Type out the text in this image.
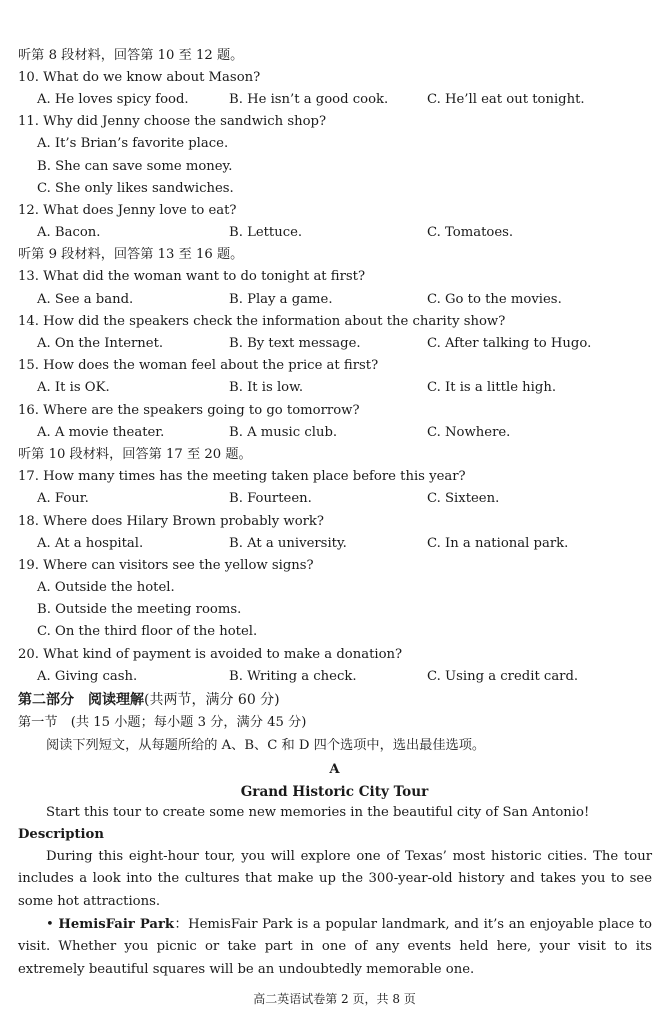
听第 8 段材料，回答第 10 至 12 题。
10. What do we know about Mason?
A. He loves spicy food.	B. He isn’t a good cook.	C. He’ll eat out tonight.
11. Why did Jenny choose the sandwich shop?
A. It’s Brian’s favorite place.
B. She can save some money.
C. She only likes sandwiches.
12. What does Jenny love to eat?
A. Bacon.	B. Lettuce.	C. Tomatoes.
听第 9 段材料，回答第 13 至 16 题。
13. What did the woman want to do tonight at first?
A. See a band.	B. Play a game.	C. Go to the movies.
14. How did the speakers check the information about the charity show?
A. On the Internet.	B. By text message.	C. After talking to Hugo.
15. How does the woman feel about the price at first?
A. It is OK.	B. It is low.	C. It is a little high.
16. Where are the speakers going to go tomorrow?
A. A movie theater.	B. A music club.	C. Nowhere.
听第 10 段材料，回答第 17 至 20 题。
17. How many times has the meeting taken place before this year?
A. Four.	B. Fourteen.	C. Sixteen.
18. Where does Hilary Brown probably work?
A. At a hospital.	B. At a university.	C. In a national park.
19. Where can visitors see the yellow signs?
A. Outside the hotel.
B. Outside the meeting rooms.
C. On the third floor of the hotel.
20. What kind of payment is avoided to make a donation?
A. Giving cash.	B. Writing a check.	C. Using a credit card.
第二部分　阅读理解(共两节，满分 60 分)
第一节　(共 15 小题；每小题 3 分，满分 45 分)
阅读下列短文，从每题所给的 A、B、C 和 D 四个选项中，选出最佳选项。
A
Grand Historic City Tour
Start this tour to create some new memories in the beautiful city of San Antonio!
Description
During this eight-hour tour, you will explore one of Texas’ most historic cities. The tour includes a look into the cultures that make up the 300-year-old history and takes you to see some hot attractions.
• HemisFair Park：HemisFair Park is a popular landmark, and it’s an enjoyable place to visit. Whether you picnic or take part in one of any events held here, your visit to its extremely beautiful squares will be an undoubtedly memorable one.
高二英语试卷第 2 页，共 8 页
